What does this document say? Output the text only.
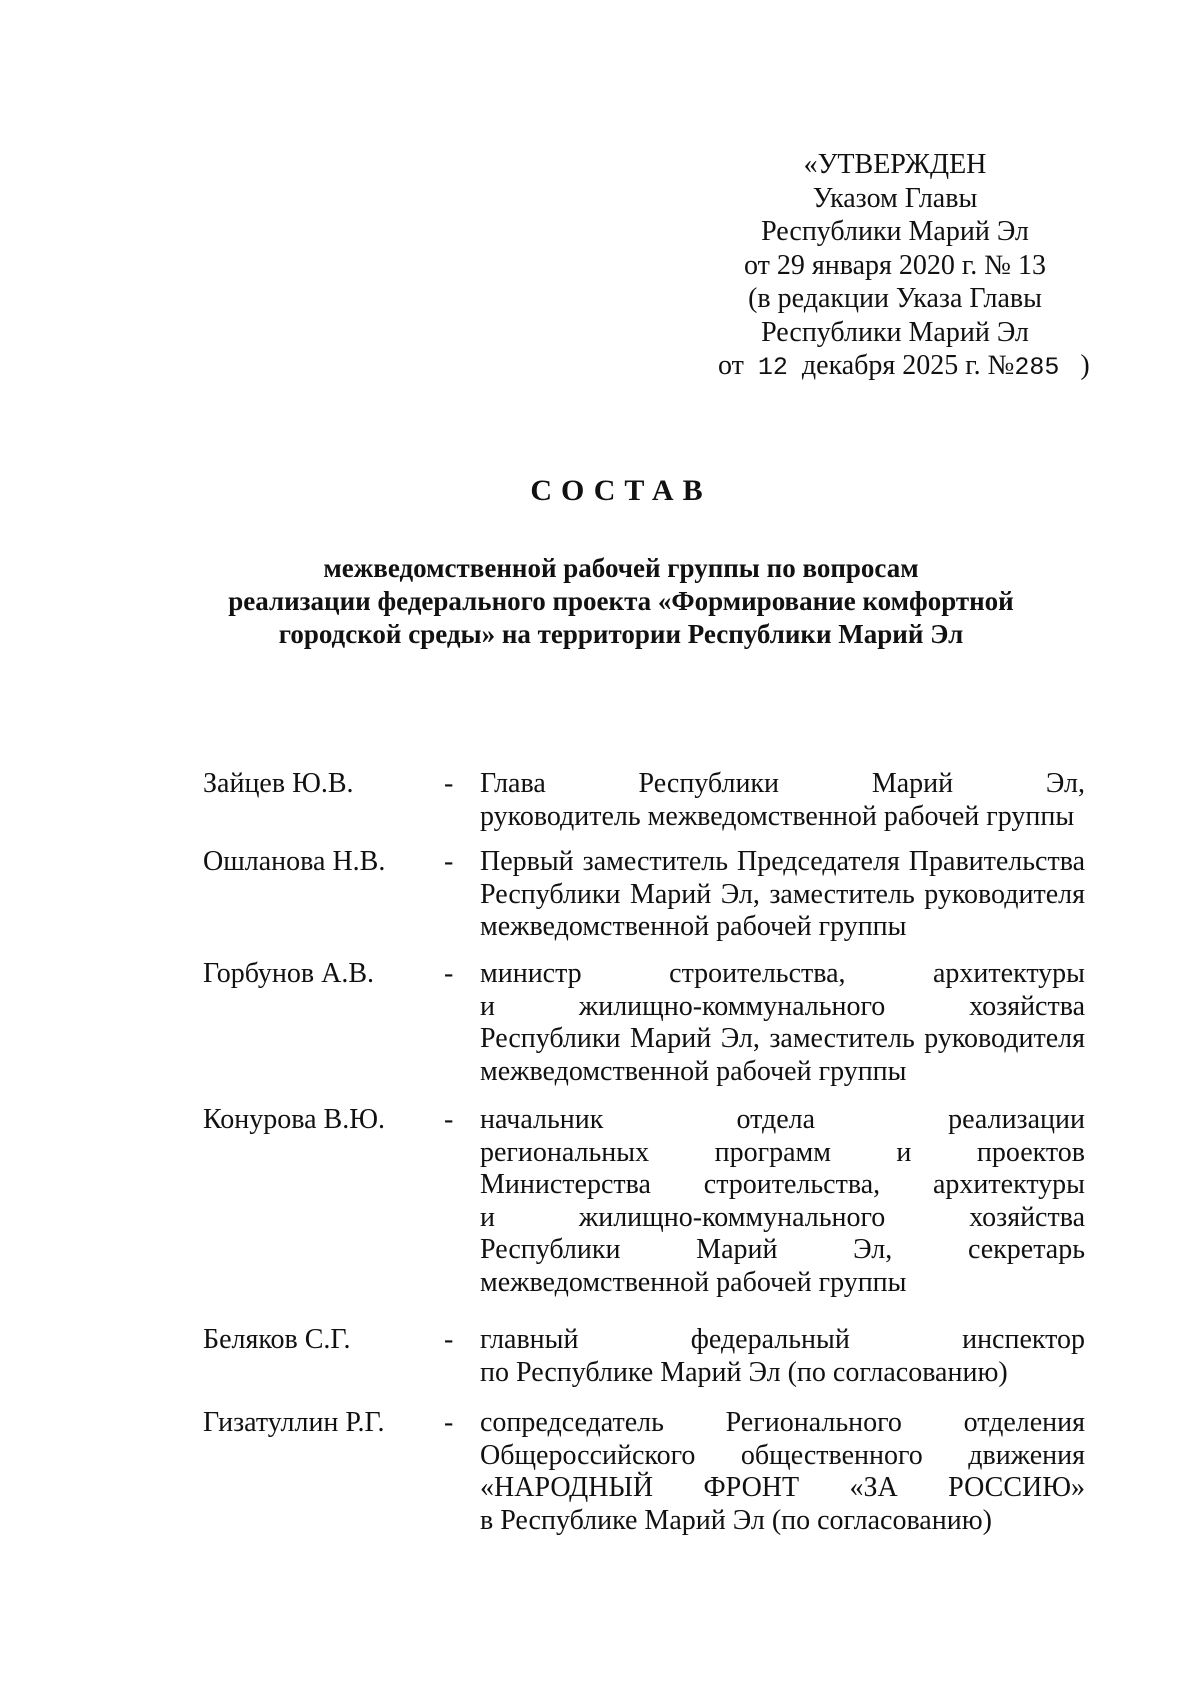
«УТВЕРЖДЕН
Указом Главы
Республики Марий Эл
от 29 января 2020 г. № 13
(в редакции Указа Главы
Республики Марий Эл
от 12 декабря 2025 г. №285 )
СОСТАВ
межведомственной рабочей группы по вопросам
реализации федерального проекта «Формирование комфортной
городской среды» на территории Республики Марий Эл
Зайцев Ю.В.	- Глава Республики Марий Эл,
руководитель межведомственной рабочей группы
Ошланова Н.В. - Первый заместитель Председателя Правительства
Республики Марий Эл, заместитель руководителя
межведомственной рабочей группы
Горбунов А.В. - министр строительства, архитектуры
и жилищно-коммунального хозяйства
Республики Марий Эл, заместитель руководителя
межведомственной рабочей группы
Конурова В.Ю. - начальник отдела реализации
региональных программ и проектов
Министерства строительства, архитектуры
и жилищно-коммунального хозяйства
Республики Марий Эл, секретарь
межведомственной рабочей группы
Беляков С.Г.	- главный федеральный инспектор
по Республике Марий Эл (по согласованию)
Гизатуллин Р.Г. - сопредседатель Регионального отделения
Общероссийского общественного движения
«НАРОДНЫЙ ФРОНТ «ЗА РОССИЮ»
в Республике Марий Эл (по согласованию)
